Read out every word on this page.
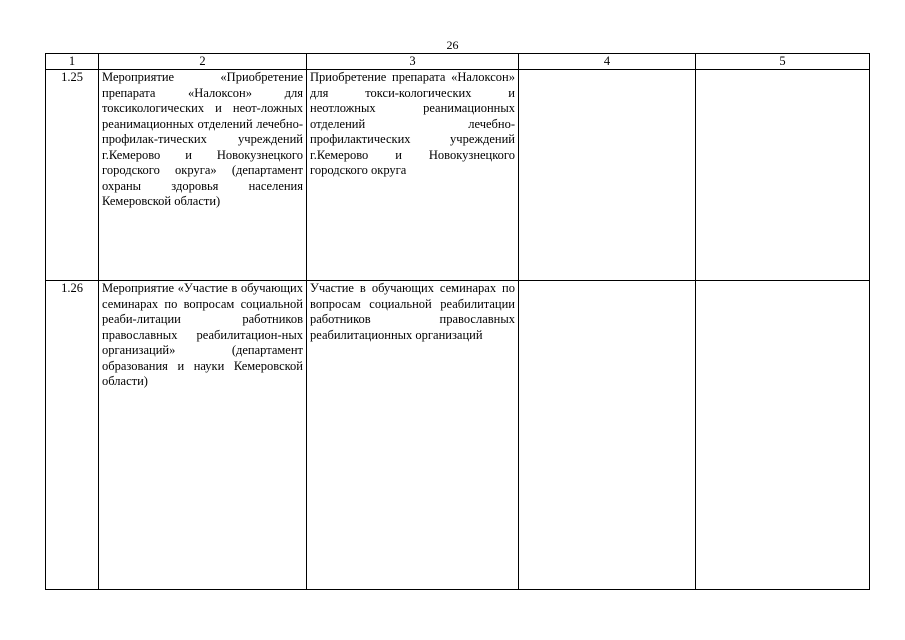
26
1	2	3	4	5
1.25	Мероприятие «Приобретение препарата «Налоксон» для токсикологических и неот-ложных реанимационных отделений лечебно-профилак-тических учреждений г.Кемерово и Новокузнецкого городского округа» (департамент охраны здоровья населения Кемеровской области)	Приобретение препарата «Налоксон» для токси-кологических и неотложных реанимационных отделений лечебно-профилактических учреждений г.Кемерово и Новокузнецкого городского округа		
1.26	Мероприятие «Участие в обучающих семинарах по вопросам социальной реаби-литации работников православных реабилитацион-ных организаций» (департамент образования и науки Кемеровской области)	Участие в обучающих семинарах по вопросам социальной реабилитации работников православных реабилитационных организаций		
